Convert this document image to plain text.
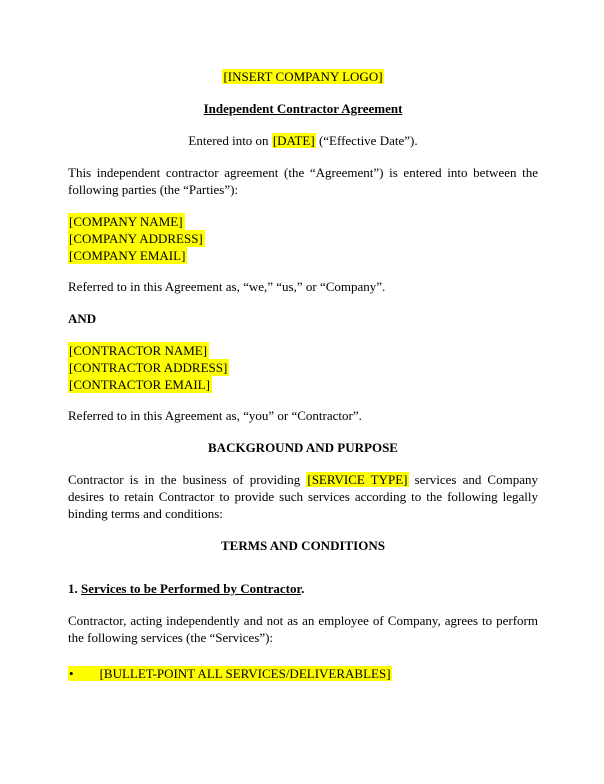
[INSERT COMPANY LOGO]

Independent Contractor Agreement

Entered into on [DATE] (“Effective Date”).

This independent contractor agreement (the “Agreement”) is entered into between the following parties (the “Parties”):

[COMPANY NAME]
[COMPANY ADDRESS]
[COMPANY EMAIL]

Referred to in this Agreement as, “we,” “us,” or “Company”.

AND

[CONTRACTOR NAME]
[CONTRACTOR ADDRESS]
[CONTRACTOR EMAIL]

Referred to in this Agreement as, “you” or “Contractor”.

BACKGROUND AND PURPOSE

Contractor is in the business of providing [SERVICE TYPE] services and Company desires to retain Contractor to provide such services according to the following legally binding terms and conditions:

TERMS AND CONDITIONS

1. Services to be Performed by Contractor.

Contractor, acting independently and not as an employee of Company, agrees to perform the following services (the “Services”):

• [BULLET-POINT ALL SERVICES/DELIVERABLES]
